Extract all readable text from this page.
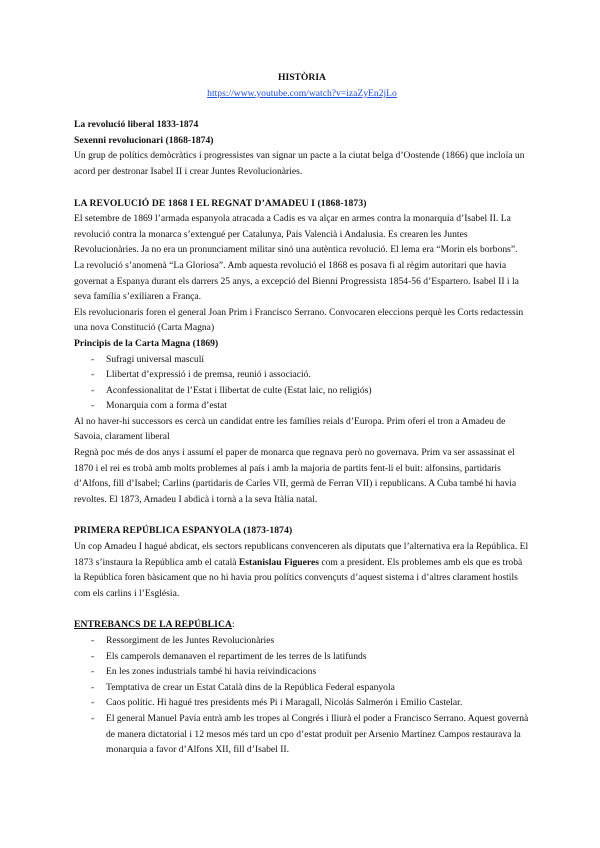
HISTÒRIA

https://www.youtube.com/watch?v=izaZyEn2jLo

La revolució liberal 1833-1874

Sexenni revolucionari (1868-1874)

Un grup de polítics demòcràtics i progressistes van signar un pacte a la ciutat belga d’Oostende (1866) que incloïa un acord per destronar Isabel II i crear Juntes Revolucionàries.

LA REVOLUCIÓ DE 1868 I EL REGNAT D’AMADEU I (1868-1873)

El setembre de 1869 l’armada espanyola atracada a Cadis es va alçar en armes contra la monarquia d’Isabel II. La revolució contra la monarca s’extengué per Catalunya, País Valencià i Andalusia. Es crearen les Juntes Revolucionàries. Ja no era un pronunciament militar sinó una autèntica revolució. El lema era “Morin els borbons”. La revolució s’anomenà “La Gloriosa”. Amb aquesta revolució el 1868 es posava fi al règim autoritari que havia governat a Espanya durant els darrers 25 anys, a excepció del Bienni Progressista 1854-56 d’Espartero. Isabel II i la seva família s’exiliaren a França.

Els revolucionaris foren el general Joan Prim i Francisco Serrano. Convocaren eleccions perquè les Corts redactessin una nova Constitució (Carta Magna)

Principis de la Carta Magna (1869)

- Sufragi universal masculí
- Llibertat d’expressió i de premsa, reunió i associació.
- Aconfessionalitat de l’Estat i llibertat de culte (Estat laic, no religiós)
- Monarquia com a forma d’estat

Al no haver-hi successors es cercà un candidat entre les famílies reials d’Europa. Prim oferí el tron a Amadeu de Savoia, clarament liberal

Regnà poc més de dos anys i assumí el paper de monarca que regnava però no governava. Prim va ser assassinat el 1870 i el rei es trobà amb molts problemes al país i amb la majoria de partits fent-li el buit: alfonsins, partidaris d’Alfons, fill d’Isabel; Carlins (partidaris de Carles VII, germà de Ferran VII) i republicans. A Cuba també hi havia revoltes. El 1873, Amadeu I abdicà i tornà a la seva Itàlia natal.

PRIMERA REPÚBLICA ESPANYOLA (1873-1874)

Un cop Amadeu I hagué abdicat, els sectors republicans convenceren als diputats que l’alternativa era la República. El 1873 s’instaura la República amb el català Estanislau Figueres com a president. Els problemes amb els que es trobà la República foren bàsicament que no hi havia prou polítics convençuts d’aquest sistema i d’altres clarament hostils com els carlins i l’Església.

ENTREBANCS DE LA REPÚBLICA:

- Ressorgiment de les Juntes Revolucionàries
- Els camperols demanaven el repartiment de les terres de ls latifunds
- En les zones industrials també hi havia reivindicacions
- Temptativa de crear un Estat Català dins de la República Federal espanyola
- Caos polític. Hi hagué tres presidents més Pi i Maragall, Nicolás Salmerón i Emilio Castelar.
- El general Manuel Pavía entrà amb les tropes al Congrés i lliurà el poder a Francisco Serrano. Aquest governà de manera dictatorial i 12 mesos més tard un cpo d’estat produït per Arsenio Martínez Campos restaurava la monarquia a favor d’Alfons XII, fill d’Isabel II.
